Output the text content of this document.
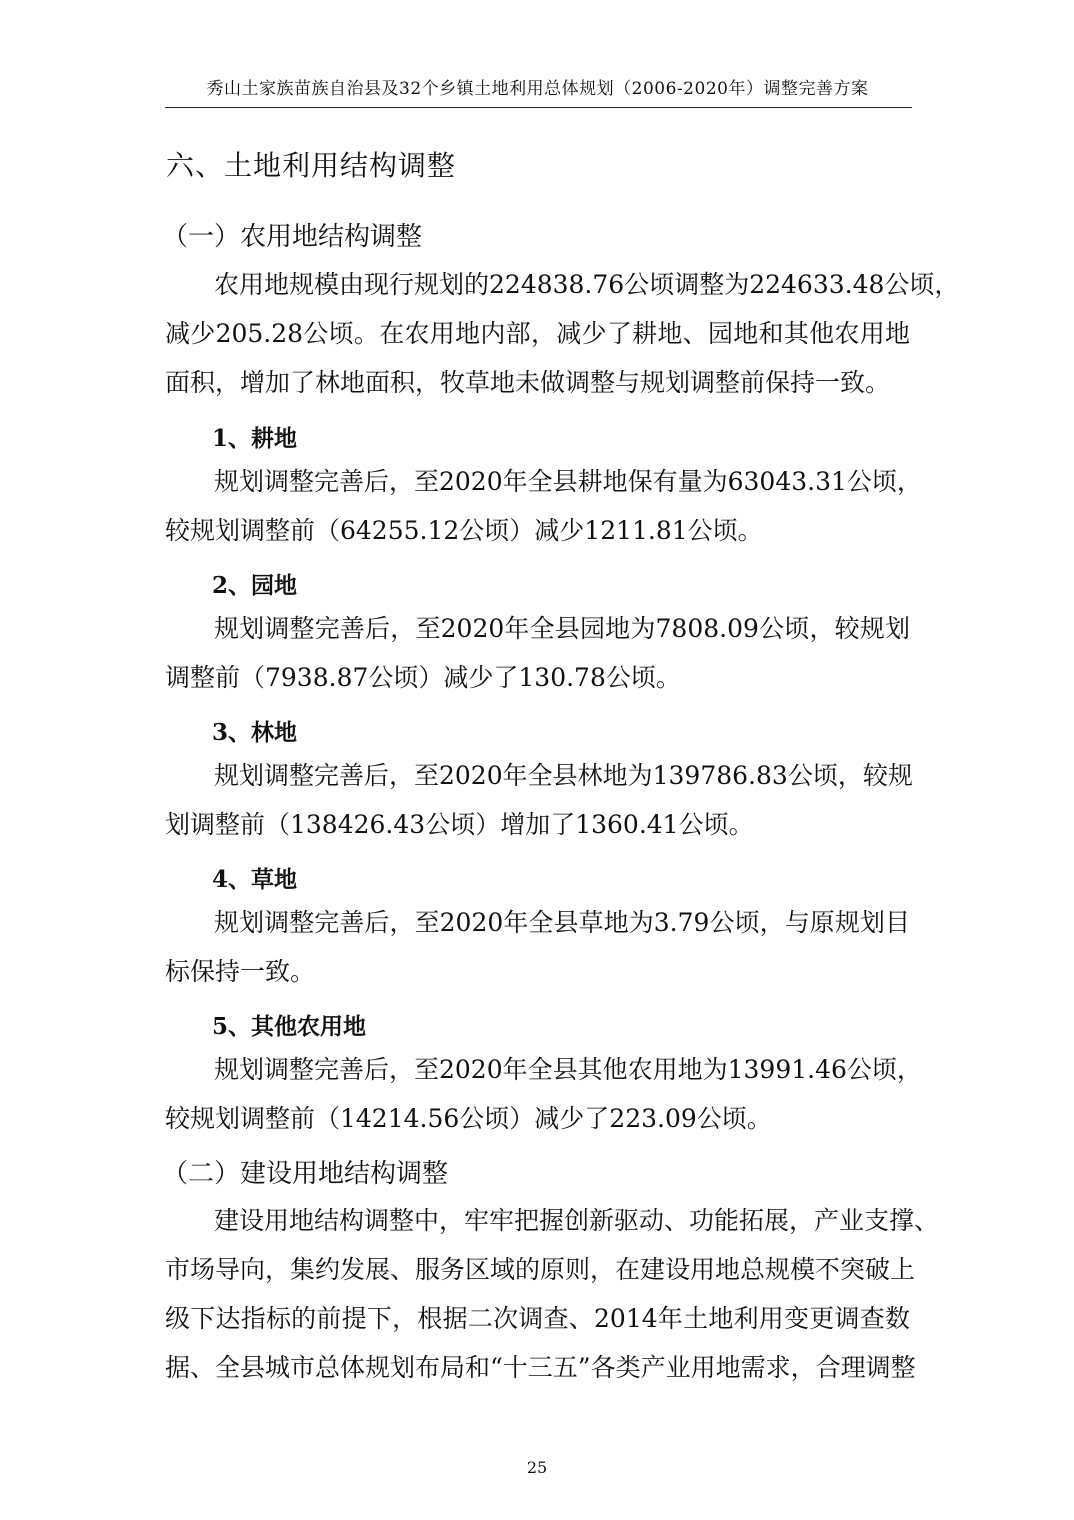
秀山土家族苗族自治县及32个乡镇土地利用总体规划（2006-2020年）调整完善方案
六、土地利用结构调整
（一）农用地结构调整
农用地规模由现行规划的224838.76公顷调整为224633.48公顷，
减少205.28公顷。在农用地内部，减少了耕地、园地和其他农用地
面积，增加了林地面积，牧草地未做调整与规划调整前保持一致。
1、耕地
规划调整完善后，至2020年全县耕地保有量为63043.31公顷，
较规划调整前（64255.12公顷）减少1211.81公顷。
2、园地
规划调整完善后，至2020年全县园地为7808.09公顷，较规划
调整前（7938.87公顷）减少了130.78公顷。
3、林地
规划调整完善后，至2020年全县林地为139786.83公顷，较规
划调整前（138426.43公顷）增加了1360.41公顷。
4、草地
规划调整完善后，至2020年全县草地为3.79公顷，与原规划目
标保持一致。
5、其他农用地
规划调整完善后，至2020年全县其他农用地为13991.46公顷，
较规划调整前（14214.56公顷）减少了223.09公顷。
（二）建设用地结构调整
建设用地结构调整中，牢牢把握创新驱动、功能拓展，产业支撑、
市场导向，集约发展、服务区域的原则，在建设用地总规模不突破上
级下达指标的前提下，根据二次调查、2014年土地利用变更调查数
据、全县城市总体规划布局和“十三五”各类产业用地需求，合理调整
25
